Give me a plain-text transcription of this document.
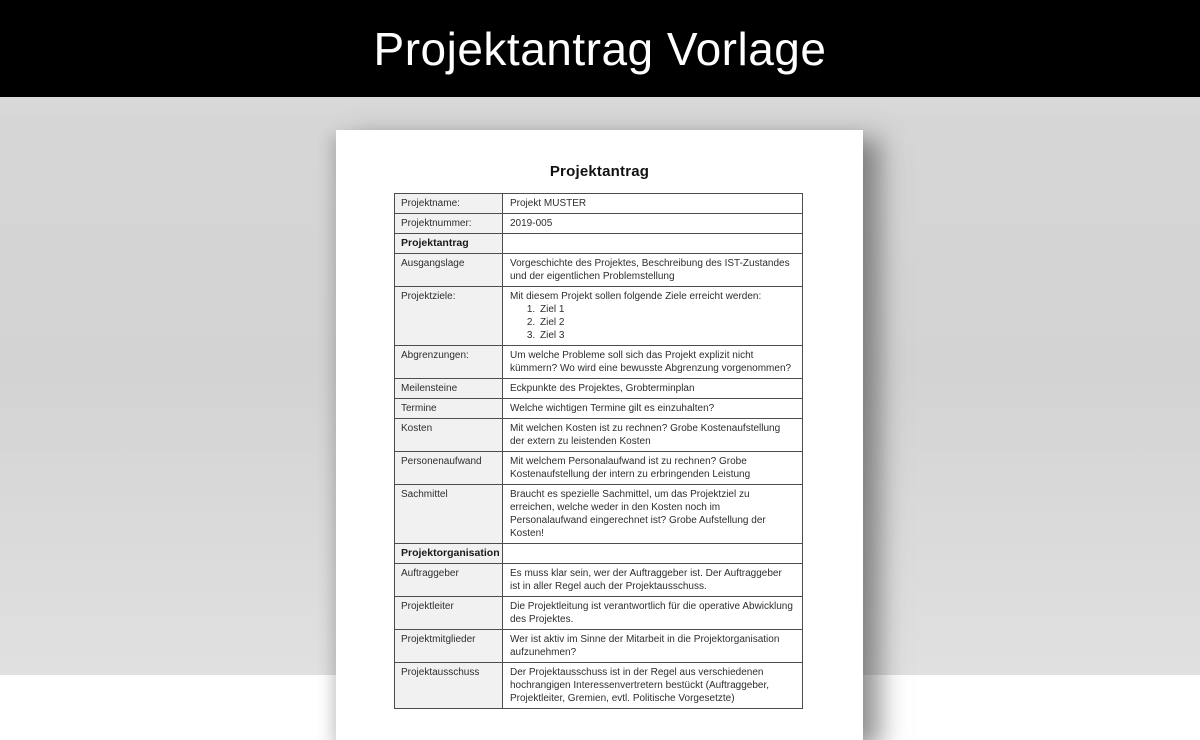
Projektantrag Vorlage
Projektantrag
Projektname:	Projekt MUSTER

Projektnummer:	2019-005

Projektantrag	

Ausgangslage	Vorgeschichte des Projektes, Beschreibung des IST-Zustandes und der eigentlichen Problemstellung

Projektziele:	Mit diesem Projekt sollen folgende Ziele erreicht werden:
1. Ziel 1
2. Ziel 2
3. Ziel 3

Abgrenzungen:	Um welche Probleme soll sich das Projekt explizit nicht kümmern? Wo wird eine bewusste Abgrenzung vorgenommen?

Meilensteine	Eckpunkte des Projektes, Grobterminplan

Termine	Welche wichtigen Termine gilt es einzuhalten?

Kosten	Mit welchen Kosten ist zu rechnen? Grobe Kostenaufstellung der extern zu leistenden Kosten

Personenaufwand	Mit welchem Personalaufwand ist zu rechnen? Grobe Kostenaufstellung der intern zu erbringenden Leistung

Sachmittel	Braucht es spezielle Sachmittel, um das Projektziel zu erreichen, welche weder in den Kosten noch im Personalaufwand eingerechnet ist? Grobe Aufstellung der Kosten!

Projektorganisation	

Auftraggeber	Es muss klar sein, wer der Auftraggeber ist. Der Auftraggeber ist in aller Regel auch der Projektausschuss.

Projektleiter	Die Projektleitung ist verantwortlich für die operative Abwicklung des Projektes.

Projektmitglieder	Wer ist aktiv im Sinne der Mitarbeit in die Projektorganisation aufzunehmen?

Projektausschuss	Der Projektausschuss ist in der Regel aus verschiedenen hochrangigen Interessenvertretern bestückt (Auftraggeber, Projektleiter, Gremien, evtl. Politische Vorgesetzte)
